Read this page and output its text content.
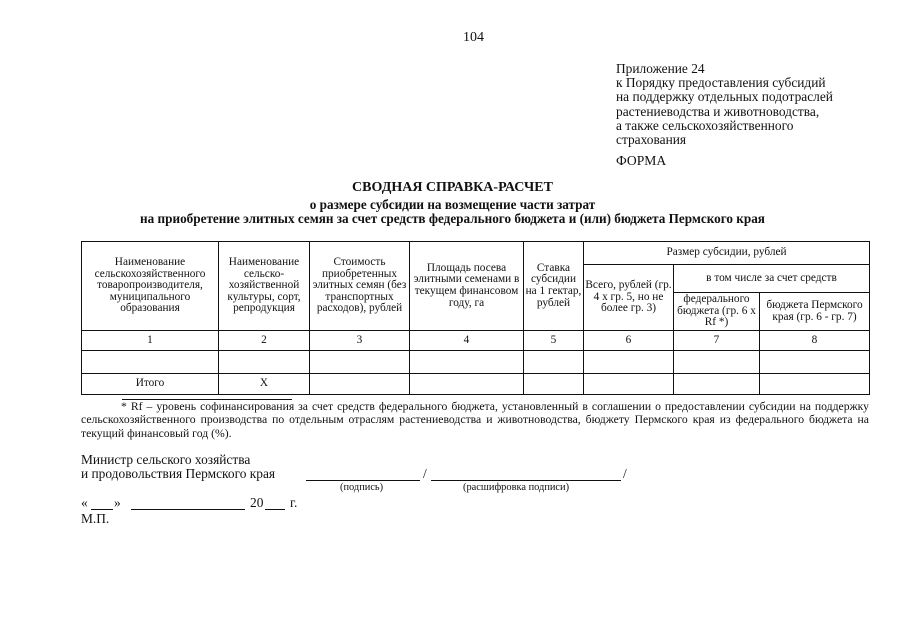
104
Приложение 24
к Порядку предоставления субсидий
на поддержку отдельных подотраслей
растениеводства и животноводства,
а также сельскохозяйственного
страхования
ФОРМА
СВОДНАЯ СПРАВКА-РАСЧЕТ
о размере субсидии на возмещение части затрат
на приобретение элитных семян за счет средств федерального бюджета и (или) бюджета Пермского края
Наименование сельскохозяйственного товаропроизводителя, муниципального образования	Наименование сельско-хозяйственной культуры, сорт, репродукция	Стоимость приобретенных элитных семян (без транспортных расходов), рублей	Площадь посева элитными семенами в текущем финансовом году, га	Ставка субсидии на 1 гектар, рублей	Размер субсидии, рублей		
					Всего, рублей (гр. 4 х гр. 5, но не более гр. 3)	в том числе за счет средств	
						федерального бюджета (гр. 6 х Rf *)	бюджета Пермского края (гр. 6 - гр. 7)
1	2	3	4	5	6	7	8

Итого	Х						
* Rf – уровень софинансирования за счет средств федерального бюджета, установленный в соглашении о предоставлении субсидии на поддержку сельскохозяйственного производства по отдельным отраслям растениеводства и животноводства, бюджету Пермского края из федерального бюджета на текущий финансовый год (%).
Министр сельского хозяйства
и продовольствия Пермского края	/	/
(подпись)	(расшифровка подписи)
« »	20 г.
М.П.
